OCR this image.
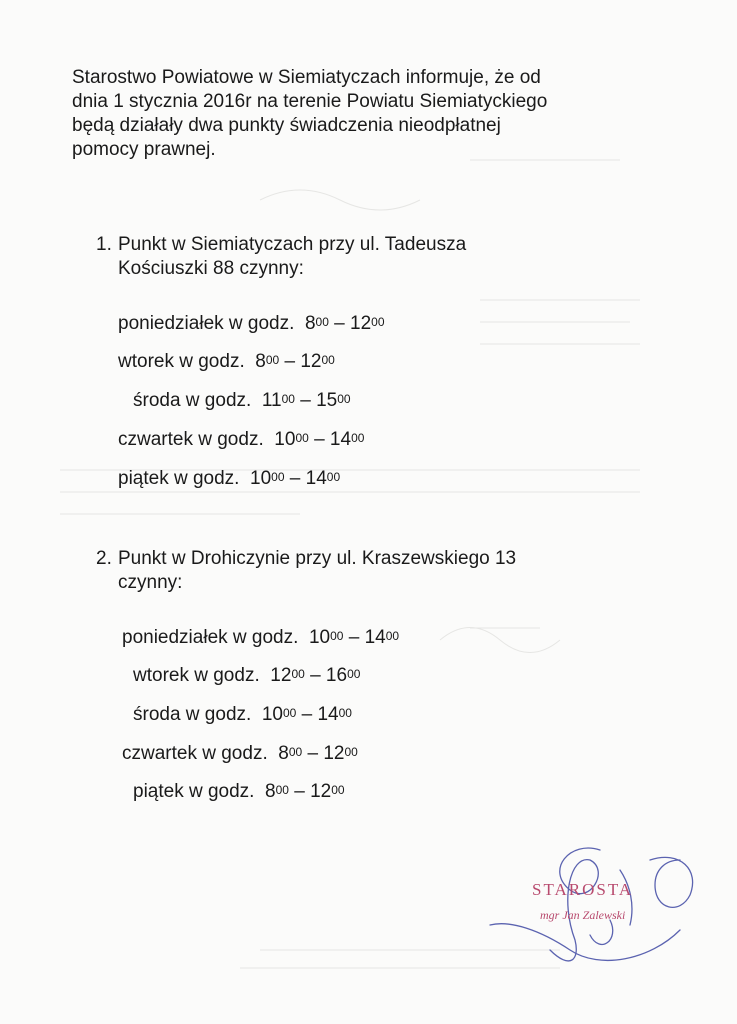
Starostwo Powiatowe w Siemiatyczach informuje, że od
dnia 1 stycznia 2016r na terenie Powiatu Siemiatyckiego
będą działały dwa punkty świadczenia nieodpłatnej
pomocy prawnej.
1. Punkt w Siemiatyczach przy ul. Tadeusza
Kościuszki 88 czynny:
poniedziałek w godz. $8^{00} - 12^{00}$
wtorek w godz. $8^{00} - 12^{00}$
środa w godz. $11^{00} - 15^{00}$
czwartek w godz. $10^{00} - 14^{00}$
piątek w godz. $10^{00} - 14^{00}$
2. Punkt w Drohiczynie przy ul. Kraszewskiego 13
czynny:
poniedziałek w godz. $10^{00} - 14^{00}$
wtorek w godz. $12^{00} - 16^{00}$
środa w godz. $10^{00} - 14^{00}$
czwartek w godz. $8^{00} - 12^{00}$
piątek w godz. $8^{00} - 12^{00}$
STAROSTA
mgr Jan Zalewski
